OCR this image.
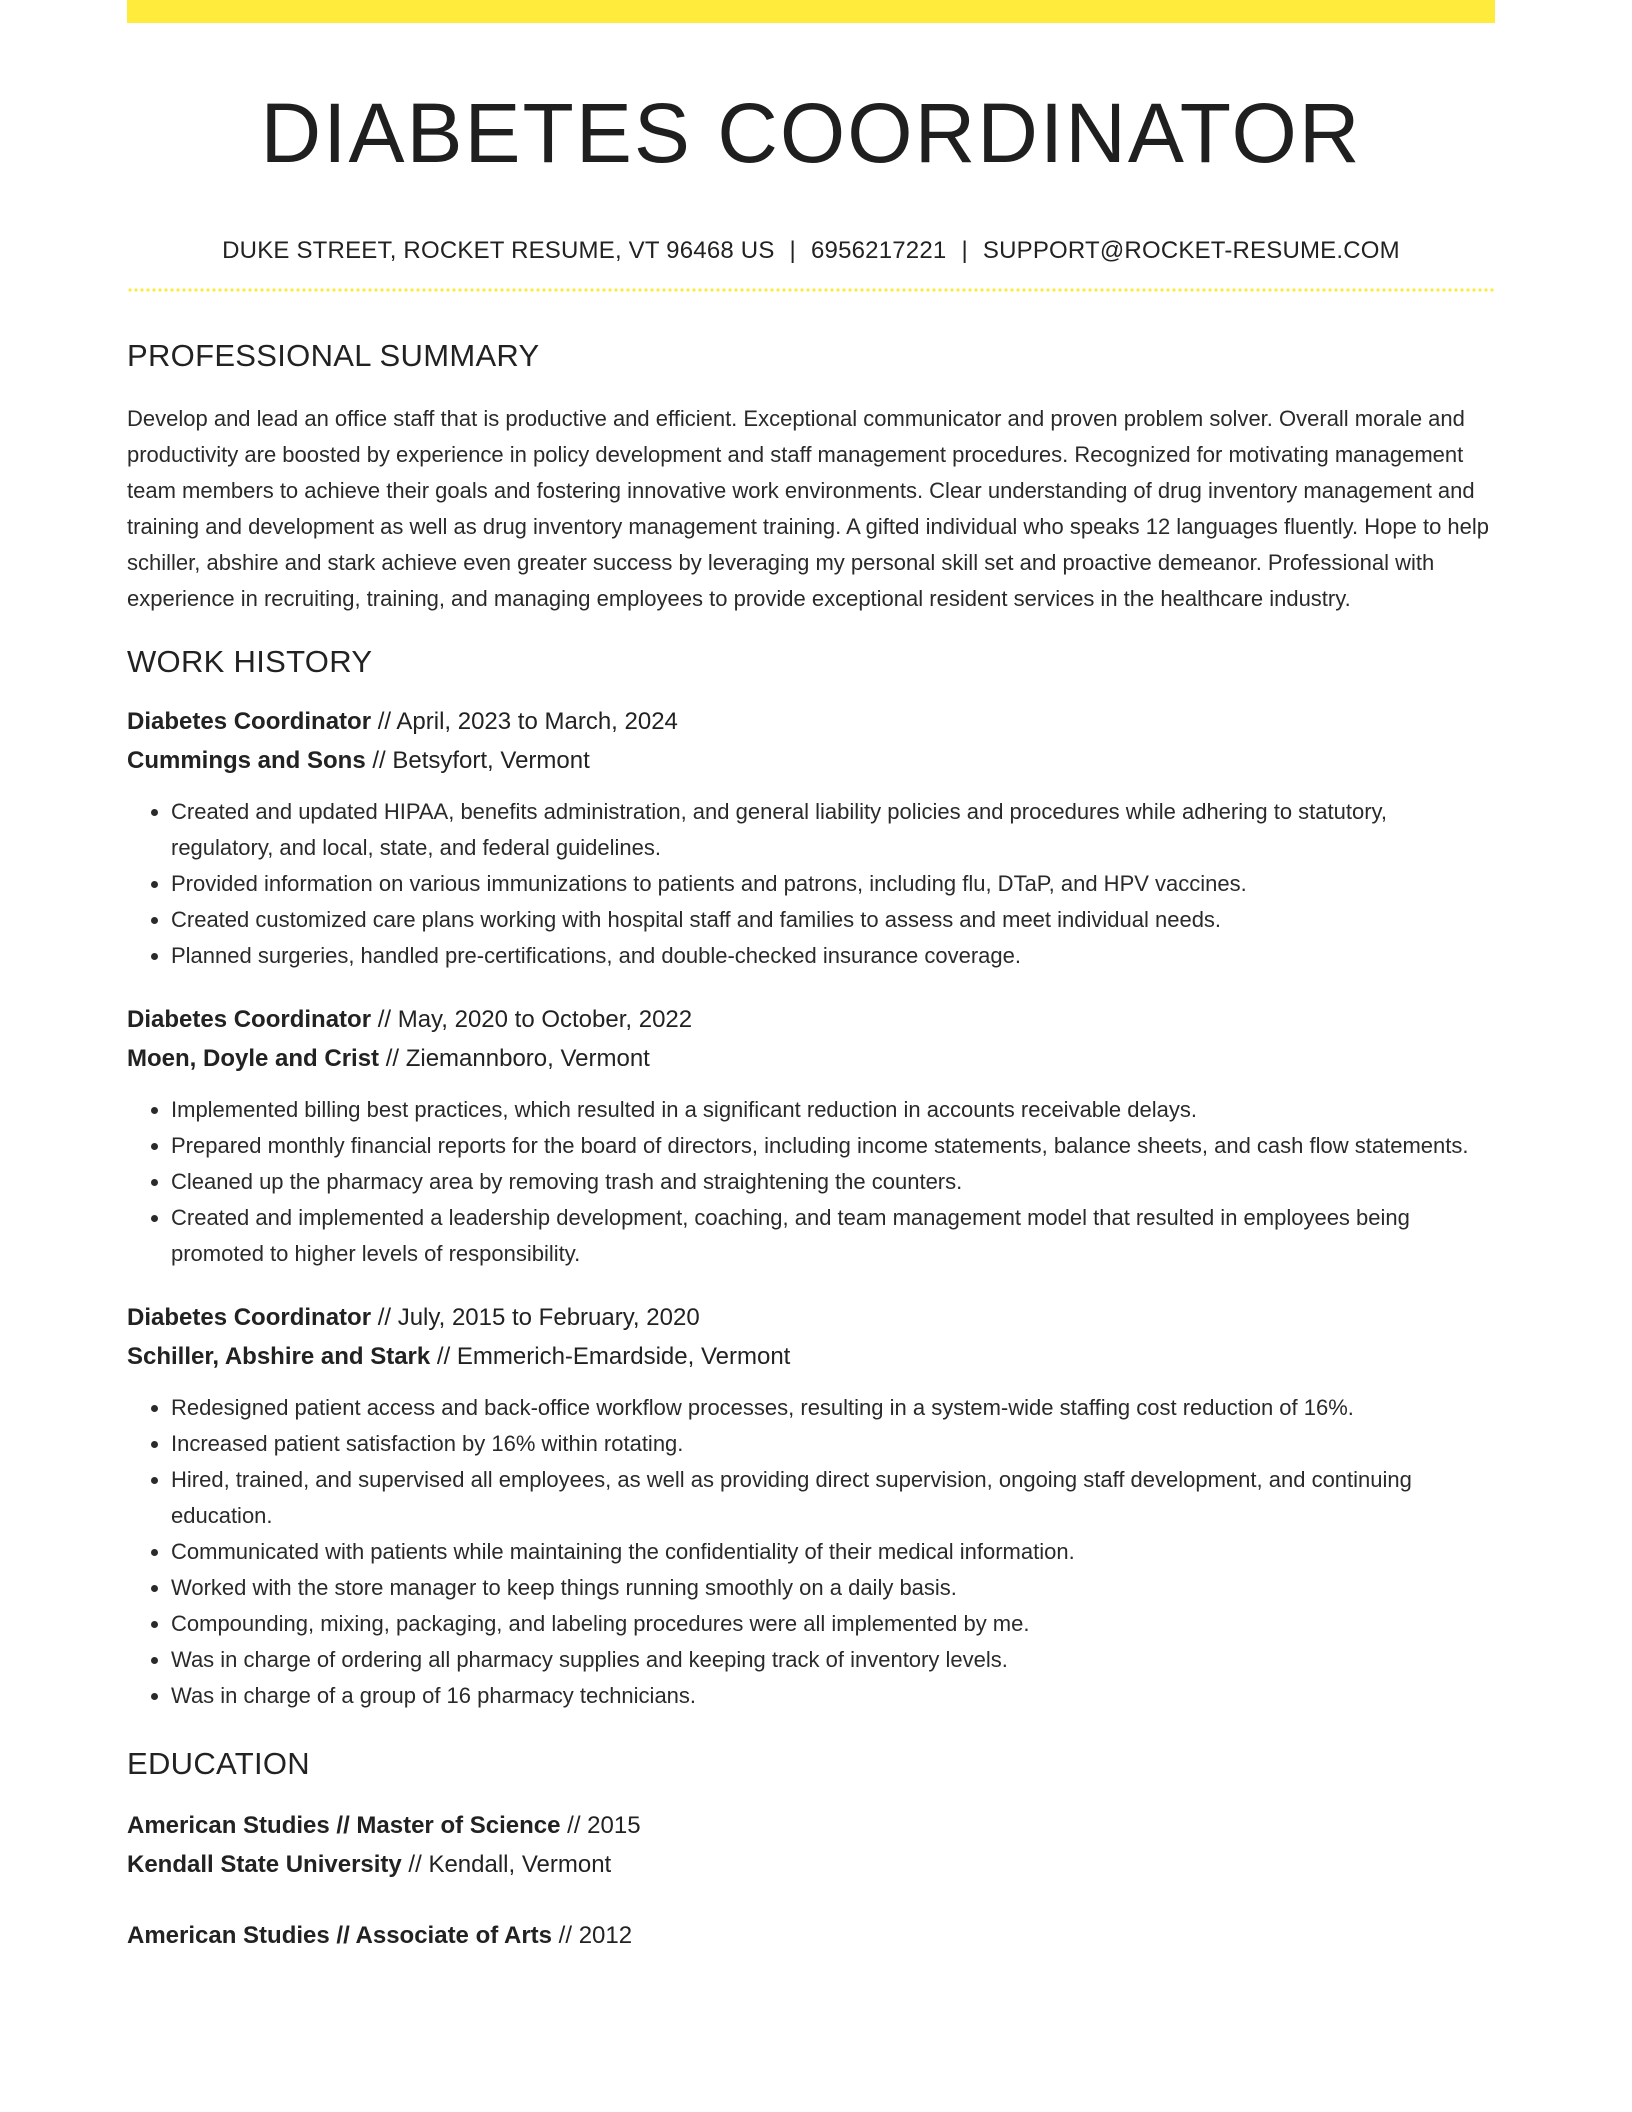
DIABETES COORDINATOR
DUKE STREET, ROCKET RESUME, VT 96468 US | 6956217221 | SUPPORT@ROCKET-RESUME.COM
PROFESSIONAL SUMMARY

Develop and lead an office staff that is productive and efficient. Exceptional communicator and proven problem solver. Overall morale and productivity are boosted by experience in policy development and staff management procedures. Recognized for motivating management team members to achieve their goals and fostering innovative work environments. Clear understanding of drug inventory management and training and development as well as drug inventory management training. A gifted individual who speaks 12 languages fluently. Hope to help schiller, abshire and stark achieve even greater success by leveraging my personal skill set and proactive demeanor. Professional with experience in recruiting, training, and managing employees to provide exceptional resident services in the healthcare industry.

WORK HISTORY
Diabetes Coordinator // April, 2023 to March, 2024
Cummings and Sons // Betsyfort, Vermont
• Created and updated HIPAA, benefits administration, and general liability policies and procedures while adhering to statutory, regulatory, and local, state, and federal guidelines.
• Provided information on various immunizations to patients and patrons, including flu, DTaP, and HPV vaccines.
• Created customized care plans working with hospital staff and families to assess and meet individual needs.
• Planned surgeries, handled pre-certifications, and double-checked insurance coverage.
Diabetes Coordinator // May, 2020 to October, 2022
Moen, Doyle and Crist // Ziemannboro, Vermont
• Implemented billing best practices, which resulted in a significant reduction in accounts receivable delays.
• Prepared monthly financial reports for the board of directors, including income statements, balance sheets, and cash flow statements.
• Cleaned up the pharmacy area by removing trash and straightening the counters.
• Created and implemented a leadership development, coaching, and team management model that resulted in employees being promoted to higher levels of responsibility.
Diabetes Coordinator // July, 2015 to February, 2020
Schiller, Abshire and Stark // Emmerich-Emardside, Vermont
• Redesigned patient access and back-office workflow processes, resulting in a system-wide staffing cost reduction of 16%.
• Increased patient satisfaction by 16% within rotating.
• Hired, trained, and supervised all employees, as well as providing direct supervision, ongoing staff development, and continuing education.
• Communicated with patients while maintaining the confidentiality of their medical information.
• Worked with the store manager to keep things running smoothly on a daily basis.
• Compounding, mixing, packaging, and labeling procedures were all implemented by me.
• Was in charge of ordering all pharmacy supplies and keeping track of inventory levels.
• Was in charge of a group of 16 pharmacy technicians.
EDUCATION
American Studies // Master of Science // 2015
Kendall State University // Kendall, Vermont
American Studies // Associate of Arts // 2012
